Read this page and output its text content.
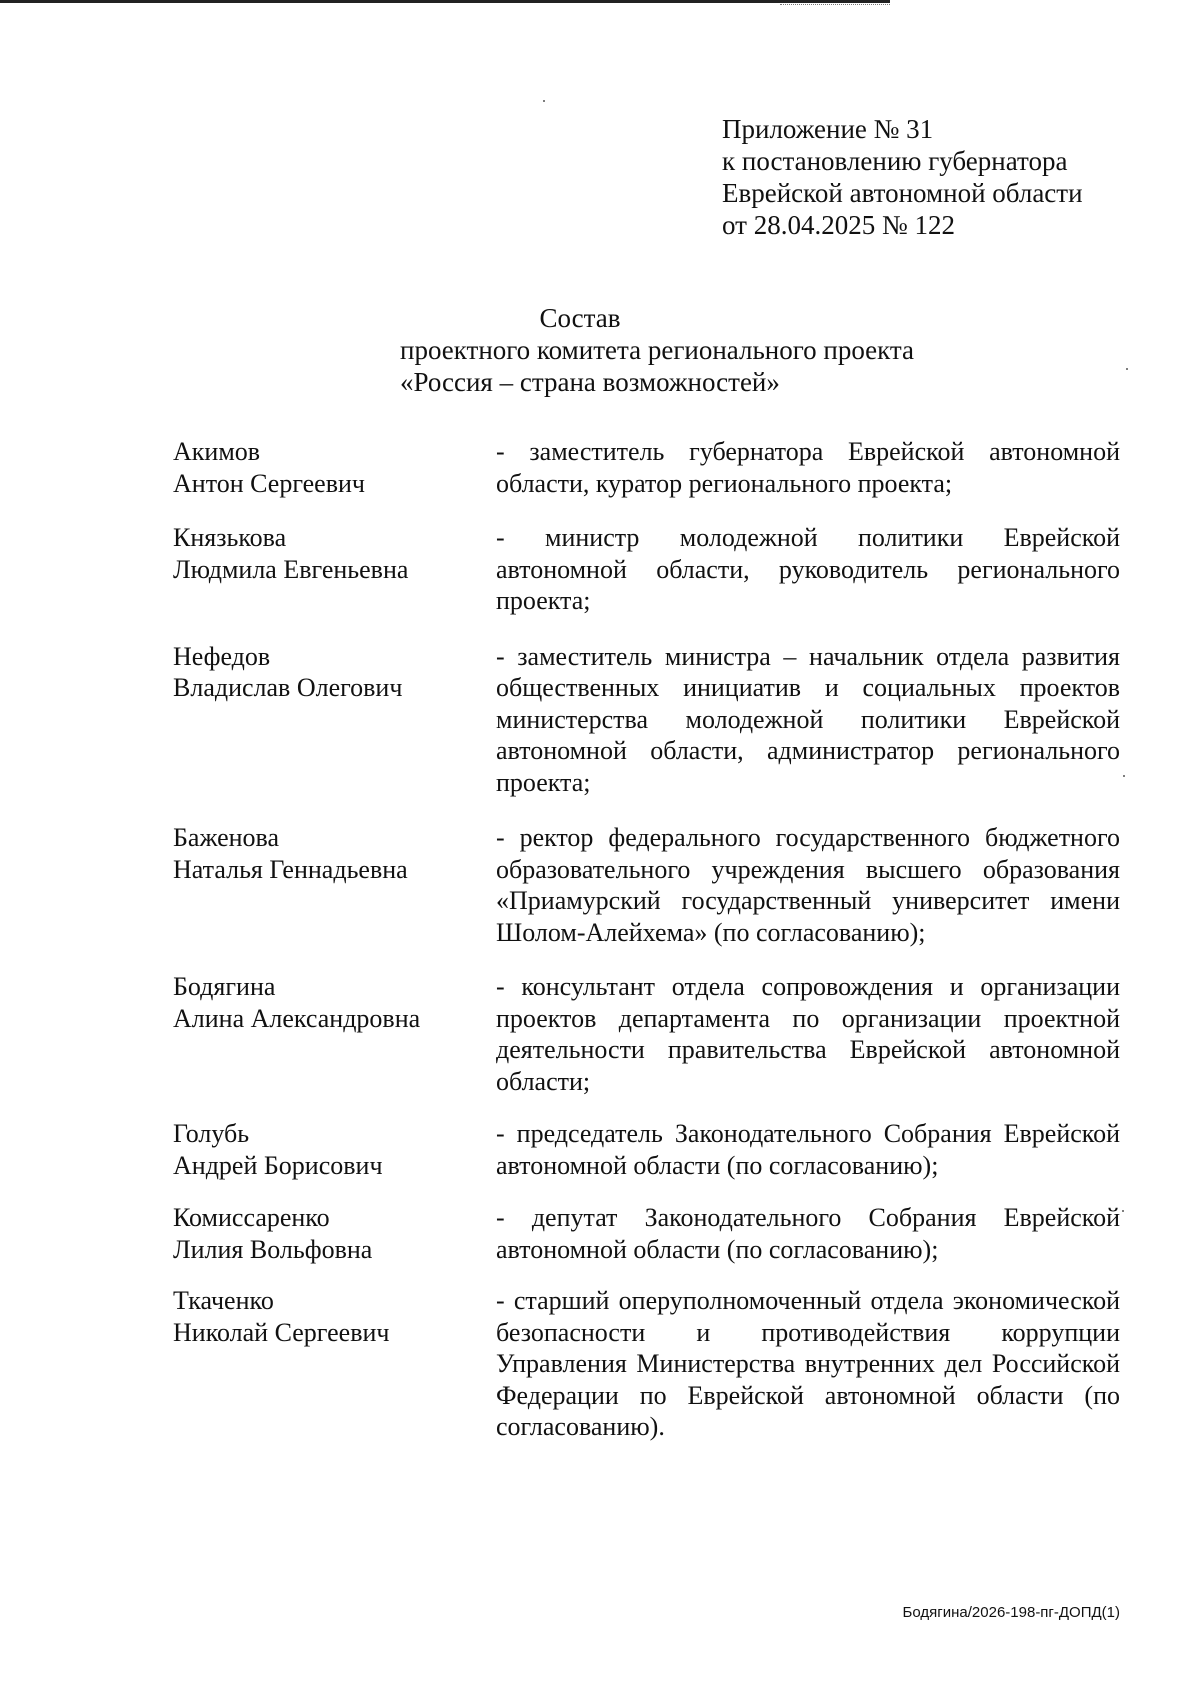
Приложение № 31
к постановлению губернатора
Еврейской автономной области
от 28.04.2025 № 122
Состав
проектного комитета регионального проекта
«Россия – страна возможностей»
Акимов
Антон Сергеевич
- заместитель губернатора Еврейской автономной области, куратор регионального проекта;
Князькова
Людмила Евгеньевна
- министр молодежной политики Еврейской автономной области, руководитель регионального проекта;
Нефедов
Владислав Олегович
- заместитель министра – начальник отдела развития общественных инициатив и социальных проектов министерства молодежной политики Еврейской автономной области, администратор регионального проекта;
Баженова
Наталья Геннадьевна
- ректор федерального государственного бюджетного образовательного учреждения высшего образования «Приамурский государственный университет имени Шолом-Алейхема» (по согласованию);
Бодягина
Алина Александровна
- консультант отдела сопровождения и организации проектов департамента по организации проектной деятельности правительства Еврейской автономной области;
Голубь
Андрей Борисович
- председатель Законодательного Собрания Еврейской автономной области (по согласованию);
Комиссаренко
Лилия Вольфовна
- депутат Законодательного Собрания Еврейской автономной области (по согласованию);
Ткаченко
Николай Сергеевич
- старший оперуполномоченный отдела экономической безопасности и противодействия коррупции Управления Министерства внутренних дел Российской Федерации по Еврейской автономной области (по согласованию).
Бодягина/2026-198-пг-ДОПД(1)
